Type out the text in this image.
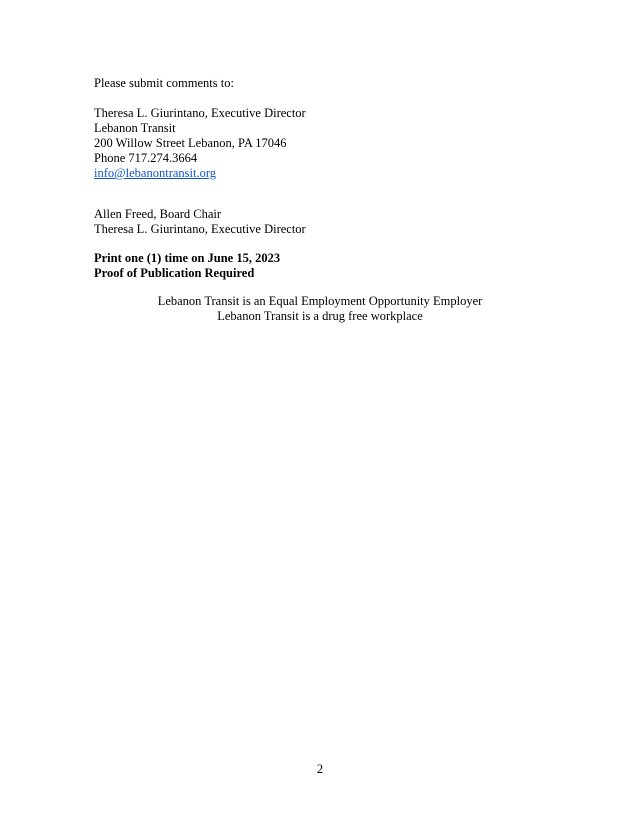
Please submit comments to:
Theresa L. Giurintano, Executive Director
Lebanon Transit
200 Willow Street Lebanon, PA 17046
Phone 717.274.3664
info@lebanontransit.org
Allen Freed, Board Chair
Theresa L. Giurintano, Executive Director
Print one (1) time on June 15, 2023
Proof of Publication Required
Lebanon Transit is an Equal Employment Opportunity Employer
Lebanon Transit is a drug free workplace
2
